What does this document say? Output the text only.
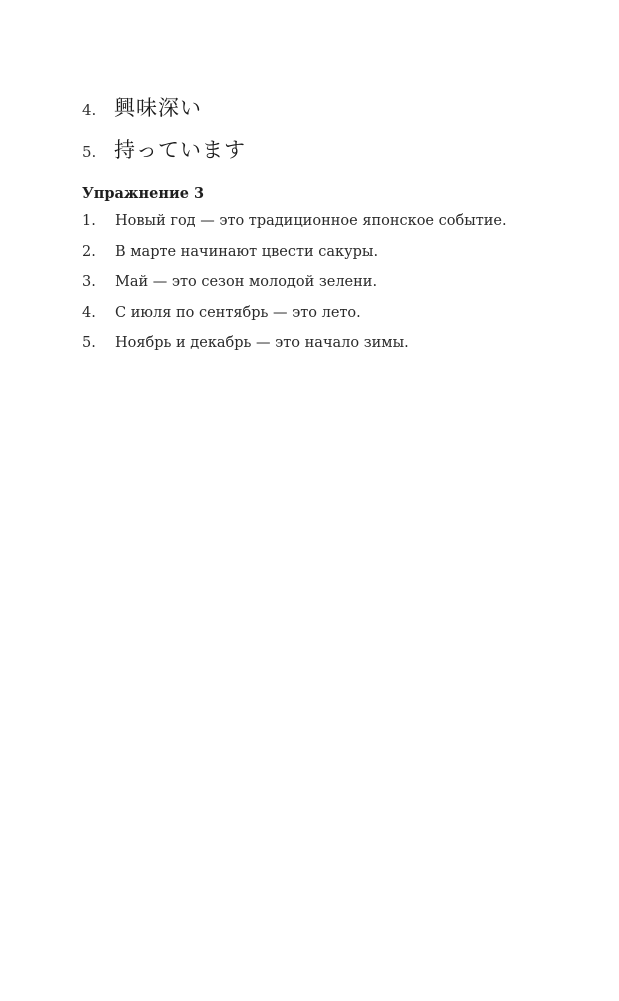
4. 興味深い
5. 持っています
Упражнение 3
1.	Новый год — это традиционное японское событие.
2.	В марте начинают цвести сакуры.
3.	Май — это сезон молодой зелени.
4.	С июля по сентябрь — это лето.
5.	Ноябрь и декабрь — это начало зимы.
